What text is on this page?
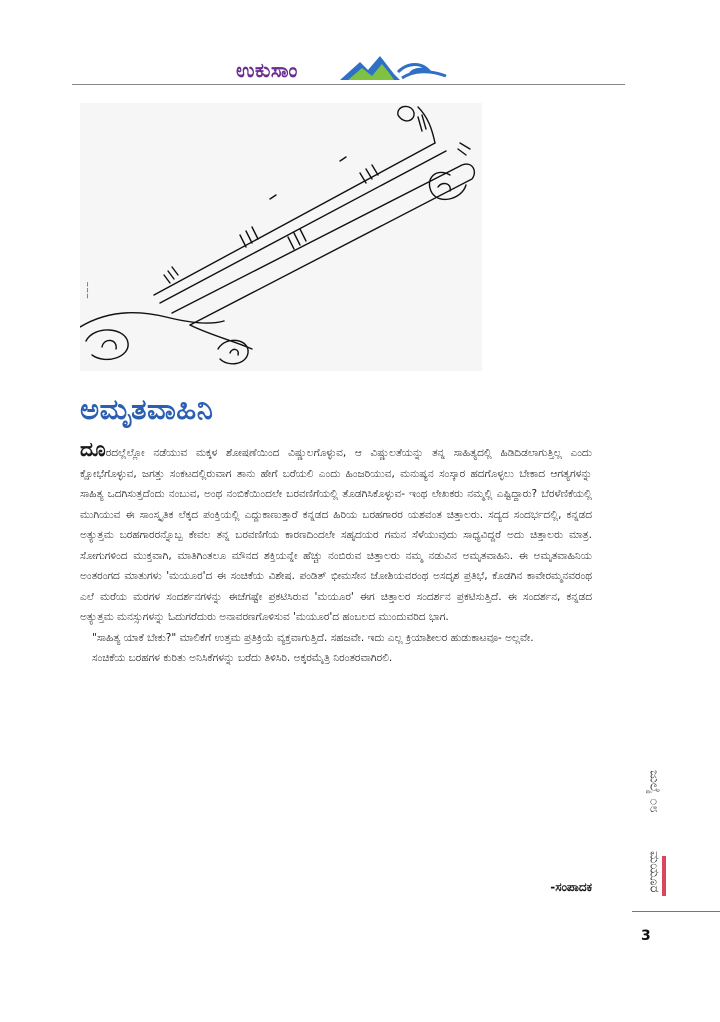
ಉಕುಸಾಂ
~~~
ಅಮೃತವಾಹಿನಿ

ದೂರದಲ್ಲೆಲ್ಲೋ ನಡೆಯುವ ಮಕ್ಕಳ ಶೋಷಣೆಯಿಂದ ವಿಷ್ಣುಲಗೊಳ್ಳುವ, ಆ ವಿಷ್ಣುಲತೆಯನ್ನು ತನ್ನ ಸಾಹಿತ್ಯದಲ್ಲಿ ಹಿಡಿದಿಡಲಾಗುತ್ತಿಲ್ಲ ಎಂದು ಕ್ಷೋಭೆಗೊಳ್ಳುವ, ಜಗತ್ತು ಸಂಕಟದಲ್ಲಿರುವಾಗ ತಾನು ಹೇಗೆ ಬರೆಯಲಿ ಎಂದು ಹಿಂಜರಿಯುವ, ಮನುಷ್ಯನ ಸಂಸ್ಕಾರ ಹದಗೊಳ್ಳಲು ಬೇಕಾದ ಆಗತ್ಯಗಳನ್ನು ಸಾಹಿತ್ಯ ಒದಗಿಸುತ್ತದೆಂದು ನಂಬುವ, ಅಂಥ ನಂಬಿಕೆಯಿಂದಲೇ ಬರವಣಿಗೆಯಲ್ಲಿ ತೊಡಗಿಸಿಕೊಳ್ಳುವ- ಇಂಥ ಲೇಖಕರು ನಮ್ಮಲ್ಲಿ ಎಷ್ಟಿದ್ದಾರು? ಬೆರಳೆಣಿಕೆಯಲ್ಲಿ ಮುಗಿಯುವ ಈ ಸಾಂಸ್ಕೃತಿಕ ಲೆಕ್ಕದ ಪಂಕ್ತಿಯಲ್ಲಿ ಎದ್ದುಕಾಣುತ್ತಾರೆ ಕನ್ನಡದ ಹಿರಿಯ ಬರಹಗಾರರ ಯಶವಂತ ಚಿತ್ತಾಲರು. ಸದ್ಯದ ಸಂದರ್ಭದಲ್ಲಿ, ಕನ್ನಡದ ಅತ್ಯುತ್ತಮ ಬರಹಗಾರರನ್ನೊಬ್ಬ ಕೇವಲ ತನ್ನ ಬರವಣಿಗೆಯ ಕಾರಣದಿಂದಲೇ ಸಹೃದಯರ ಗಮನ ಸೆಳೆಯುವುದು ಸಾಧ್ಯವಿದ್ದರೆ ಅದು ಚಿತ್ತಾಲರು ಮಾತ್ರ. ಸೋಗುಗಳಿಂದ ಮುಕ್ತವಾಗಿ, ಮಾತಿಗಿಂತಲೂ ಮೌನದ ಶಕ್ತಿಯನ್ನೇ ಹೆಚ್ಚು ನಂಬಿರುವ ಚಿತ್ತಾಲರು ನಮ್ಮ ನಡುವಿನ ಅಮೃತವಾಹಿನಿ. ಈ ಅಮೃತವಾಹಿನಿಯ ಅಂತರಂಗದ ಮಾತುಗಳು 'ಮಯೂರ'ದ ಈ ಸಂಚಿಕೆಯ ವಿಶೇಷ. ಪಂಡಿತ್ ಭೀಮಸೇನ ಜೋಶಿಯವರಂಥ ಅಸದೃಶ ಪ್ರತಿಭೆ, ಕೊಡಗಿನ ಕಾವೇರಮ್ಮನವರಂಥ ಎಲೆ ಮರೆಯ ಮರಗಳ ಸಂದರ್ಶನಗಳನ್ನು ಈಚೆಗಷ್ಟೇ ಪ್ರಕಟಿಸಿರುವ 'ಮಯೂರ' ಈಗ ಚಿತ್ತಾಲರ ಸಂದರ್ಶನ ಪ್ರಕಟಿಸುತ್ತಿದೆ. ಈ ಸಂದರ್ಶನ, ಕನ್ನಡದ ಅತ್ಯುತ್ತಮ ಮನಸ್ಸುಗಳನ್ನು ಓದುಗರೆದುರು ಅನಾವರಣಗೊಳಿಸುವ 'ಮಯೂರ'ದ ಹಂಬಲದ ಮುಂದುವರಿದ ಭಾಗ.

"ಸಾಹಿತ್ಯ ಯಾಕೆ ಬೇಕು?" ಮಾಲಿಕೆಗೆ ಉತ್ತಮ ಪ್ರತಿಕ್ರಿಯೆ ವ್ಯಕ್ತವಾಗುತ್ತಿದೆ. ಸಹಜವೇ. ಇದು ಎಲ್ಲ ಕ್ರಿಯಾಶೀಲರ ಹುಡುಕಾಟವೂ- ಅಲ್ಲವೇ.

ಸಂಚಿಕೆಯ ಬರಹಗಳ ಕುರಿತು ಅನಿಸಿಕೆಗಳನ್ನು ಬರೆದು ತಿಳಿಸಿರಿ. ಅಕ್ಕರಮೈತ್ರಿ ನಿರಂತರವಾಗಿರಲಿ.

-ಸಂಪಾದಕ
ಜುಲೈ ೦೮
ಮಯೂರ
3
